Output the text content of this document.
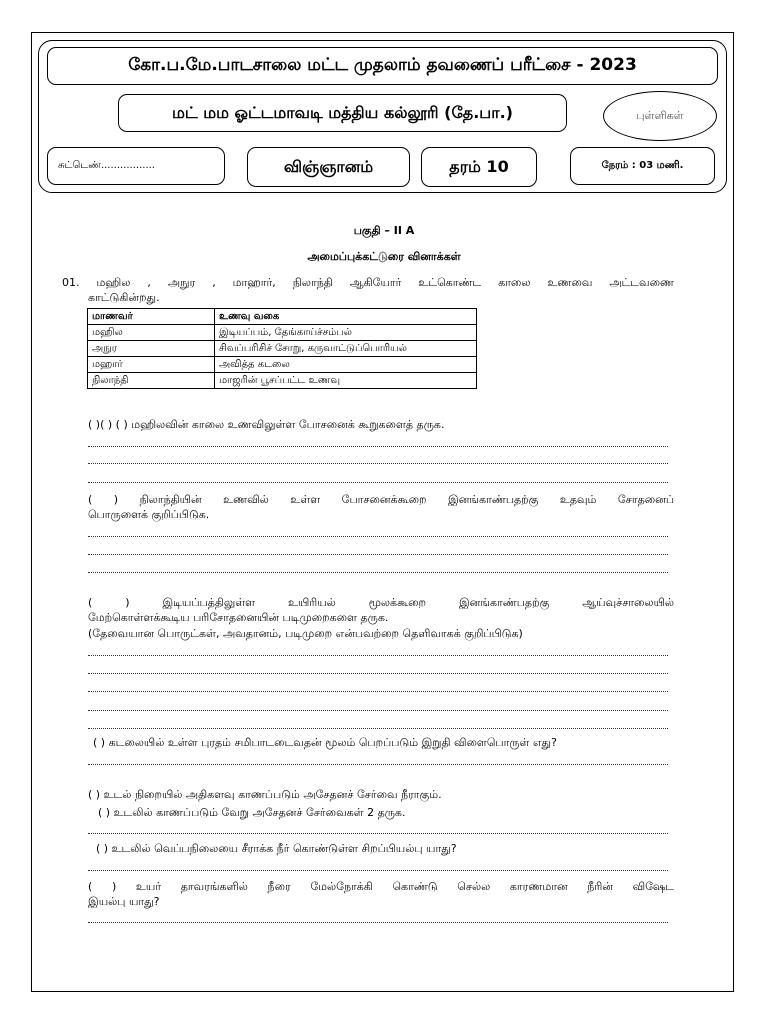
கோ.ப.மே.பாடசாலை மட்ட முதலாம் தவணைப் பரீட்சை - 2023
மட் மம ஓட்டமாவடி மத்திய கல்லூரி (தே.பா.)	புள்ளிகள்
சுட்டெண்.................	விஞ்ஞானம்	தரம் 10	நேரம் : 03 மணி.
பகுதி – II A
அமைப்புக்கட்டுரை வினாக்கள்
01. மஹில , அநுர , மாஹார், நிலாந்தி ஆகியோர் உட்கொண்ட காலை உணவை அட்டவணை
காட்டுகின்றது.
மாணவர்	உணவு வகை
மஹில	இடியப்பம், தேங்காய்ச்சம்பல்
அநுர	சிவப்பரிசிச் சோறு, கருவாட்டுப்பொரியல்
மஹார்	அவித்த கடலை
நிலாந்தி	மாஜரின் பூசப்பட்ட உணவு
( )( ) ( ) மஹிலவின் காலை உணவிலுள்ள போசனைக் கூறுகளைத் தருக.
( ) நிலாந்தியின் உணவில் உள்ள போசனைக்கூறை இனங்காண்பதற்கு உதவும் சோதனைப்
பொருளைக் குறிப்பிடுக.
( ) இடியப்பத்திலுள்ள உயிரியல் மூலக்கூறை இனங்காண்பதற்கு ஆய்வுச்சாலையில்
மேற்கொள்ளக்கூடிய பரிசோதனையின் படிமுறைகளை தருக.
(தேவையான பொருட்கள், அவதானம், படிமுறை என்பவற்றை தெளிவாகக் குறிப்பிடுக)
( ) கடலையில் உள்ள புரதம் சமிபாடடைவதன் மூலம் பெறப்படும் இறுதி விளைபொருள் எது?
( ) உடல் நிறையில் அதிகளவு காணப்படும் அசேதனச் சேர்வை நீராகும்.
( ) உடலில் காணப்படும் வேறு அசேதனச் சேர்வைகள் 2 தருக.
( ) உடலில் வெப்பநிலையை சீராக்க நீர் கொண்டுள்ள சிறப்பியல்பு யாது?
( ) உயர் தாவரங்களில் நீரை மேல்நோக்கி கொண்டு செல்ல காரணமான நீரின் விஷேட
இயல்பு யாது?
